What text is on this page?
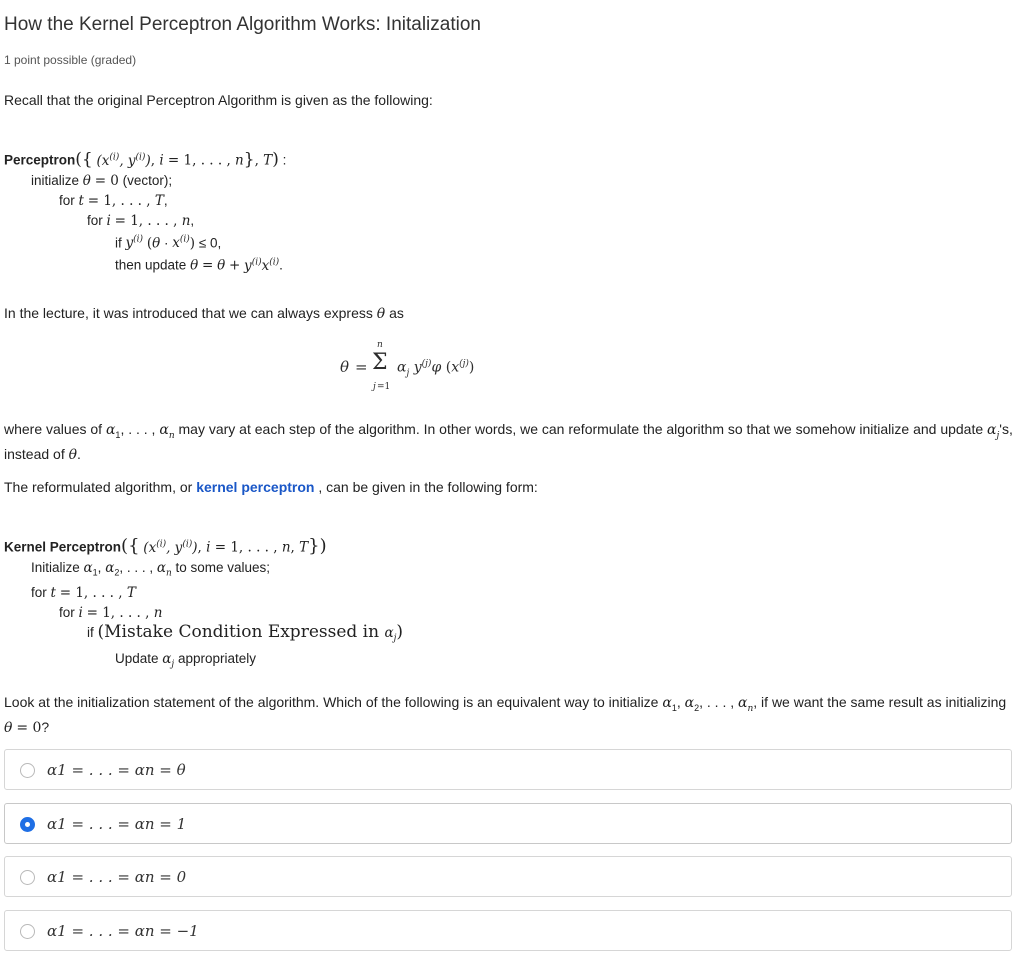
How the Kernel Perceptron Algorithm Works: Initalization
1 point possible (graded)
Recall that the original Perceptron Algorithm is given as the following:
Perceptron({ ($x^{(i)}$, $y^{(i)}$), i = 1, . . . , n}, T) :
initialize θ = 0 (vector);
for t = 1, . . . , T,
for i = 1, . . . , n,
if $y^{(i)}$ $(\theta \cdot x^{(i)}) \le 0$,
then update $\theta = \theta + y^{(i)}x^{(i)}$.
In the lecture, it was introduced that we can always express θ as
θ =
n
Σ
j =1
$\alpha_j$ $y^{(j)}\varphi$ $(x^{(j)})$
where values of $\alpha_1$, . . . , $\alpha_n$ may vary at each step of the algorithm. In other words, we can reformulate the algorithm so that we somehow initialize and update $\alpha_j's$, instead of θ.
The reformulated algorithm, or kernel perceptron , can be given in the following form:
Kernel Perceptron({ ($x^{(i)}$, $y^{(i)}$), i = 1, . . . , n, T})
Initialize $\alpha_1$, $\alpha_2$, . . . , $\alpha_n$ to some values;
for t = 1, . . . , T
for i = 1, . . . , n
if (Mistake Condition Expressed in $\alpha_j$)
Update $\alpha_j$ appropriately
Look at the initialization statement of the algorithm. Which of the following is an equivalent way to initialize $\alpha_1$, $\alpha_2$, . . . , $\alpha_n$, if we want the same result as initializing θ = 0?
α1 = . . . = αn = θ
α1 = . . . = αn = 1
α1 = . . . = αn = 0
α1 = . . . = αn = −1
